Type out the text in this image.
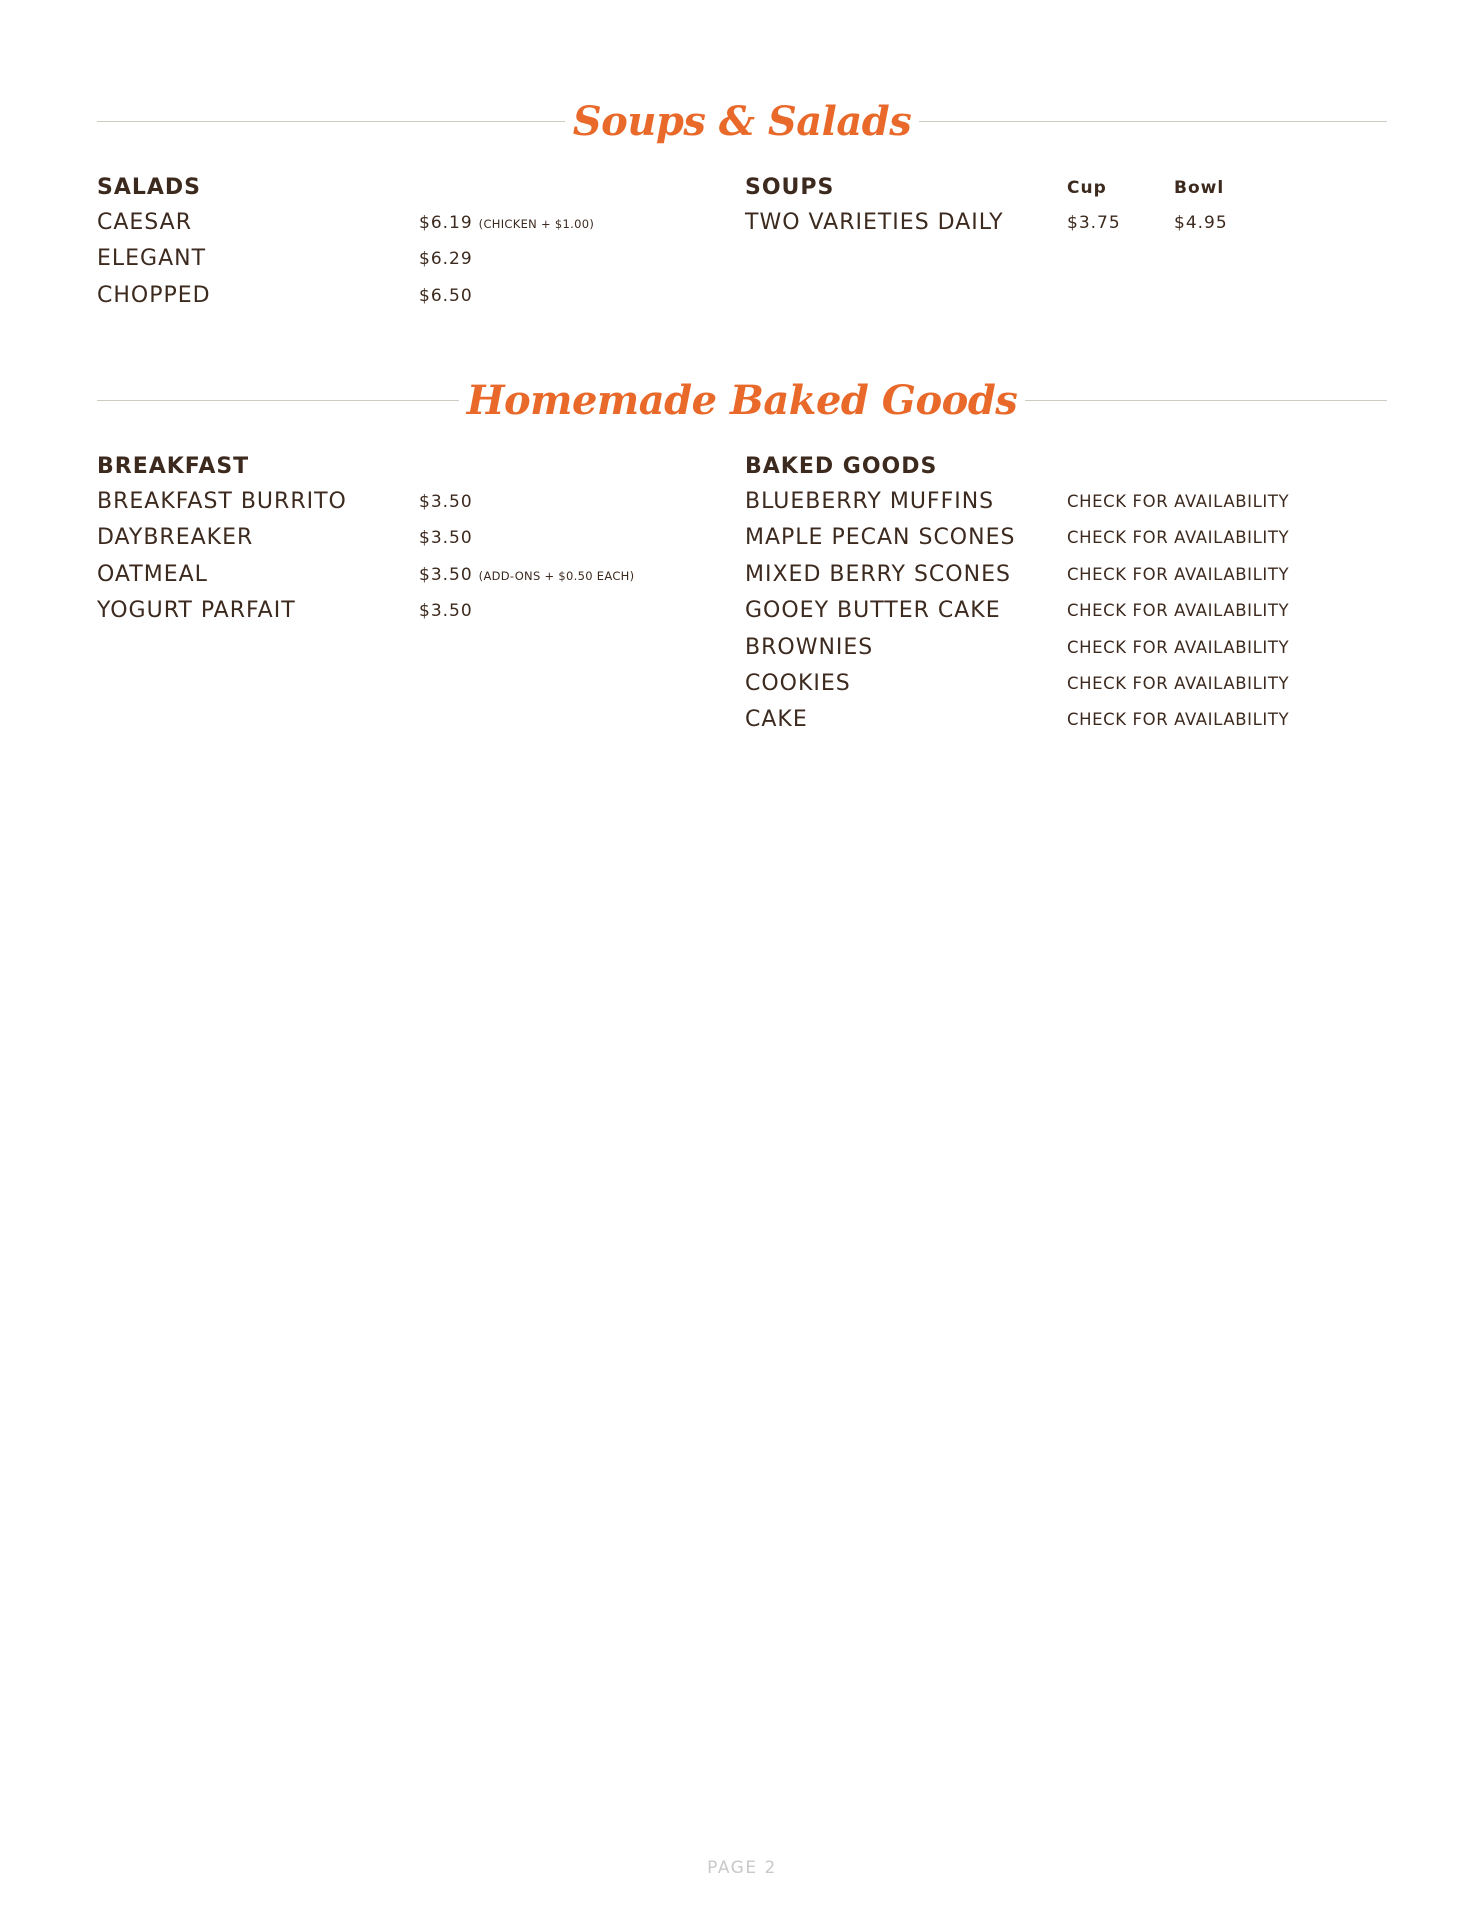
Soups & Salads
SALADS
CAESAR	$6.19 (CHICKEN + $1.00)
ELEGANT	$6.29
CHOPPED	$6.50
SOUPS	Cup	Bowl
TWO VARIETIES DAILY	$3.75	$4.95
Homemade Baked Goods
BREAKFAST
BREAKFAST BURRITO	$3.50
DAYBREAKER	$3.50
OATMEAL	$3.50 (ADD-ONS + $0.50 EACH)
YOGURT PARFAIT	$3.50
BAKED GOODS
BLUEBERRY MUFFINS	CHECK FOR AVAILABILITY
MAPLE PECAN SCONES	CHECK FOR AVAILABILITY
MIXED BERRY SCONES	CHECK FOR AVAILABILITY
GOOEY BUTTER CAKE	CHECK FOR AVAILABILITY
BROWNIES	CHECK FOR AVAILABILITY
COOKIES	CHECK FOR AVAILABILITY
CAKE	CHECK FOR AVAILABILITY
PAGE 2
